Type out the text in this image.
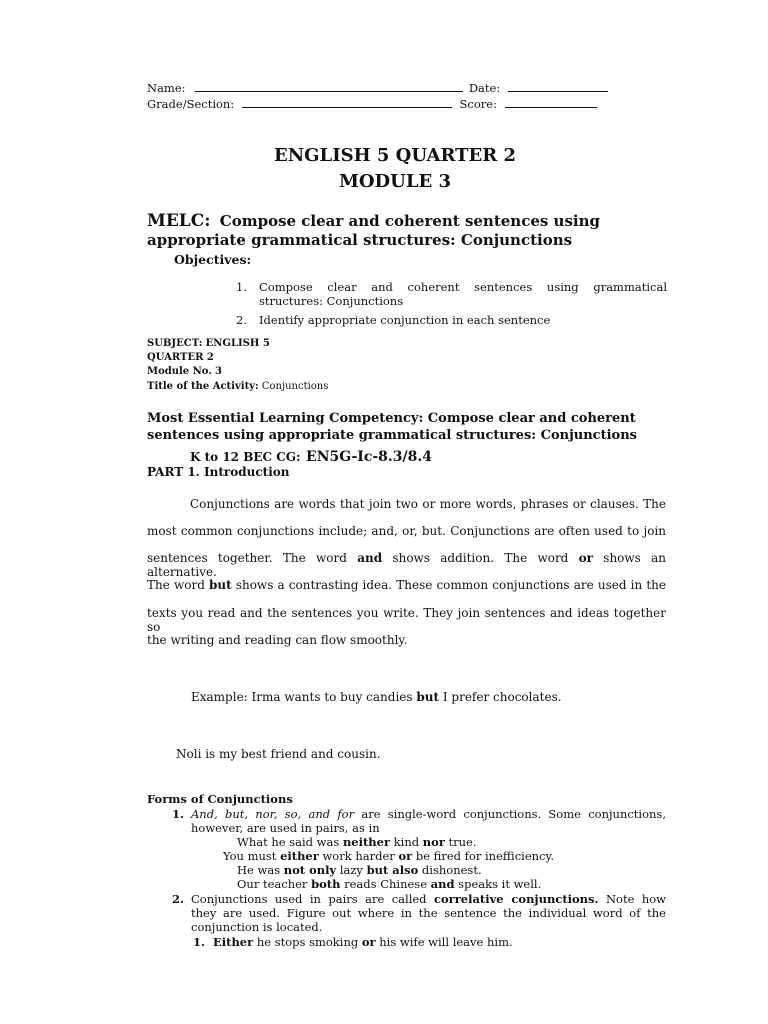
Name:	Date:
Grade/Section:	Score:
ENGLISH 5 QUARTER 2
MODULE 3
MELC: Compose clear and coherent sentences using
appropriate grammatical structures: Conjunctions
Objectives:
1. Compose clear and coherent sentences using grammatical
structures: Conjunctions
2. Identify appropriate conjunction in each sentence
SUBJECT: ENGLISH 5
QUARTER 2
Module No. 3
Title of the Activity: Conjunctions
Most Essential Learning Competency: Compose clear and coherent
sentences using appropriate grammatical structures: Conjunctions
K to 12 BEC CG: EN5G-Ic-8.3/8.4
PART 1. Introduction
Conjunctions are words that join two or more words, phrases or clauses. The
most common conjunctions include; and, or, but. Conjunctions are often used to join
sentences together. The word and shows addition. The word or shows an alternative.
The word but shows a contrasting idea. These common conjunctions are used in the
texts you read and the sentences you write. They join sentences and ideas together so
the writing and reading can flow smoothly.
Example: Irma wants to buy candies but I prefer chocolates.
Noli is my best friend and cousin.
Forms of Conjunctions
1. And, but, nor, so, and for are single-word conjunctions. Some conjunctions,
however, are used in pairs, as in
What he said was neither kind nor true.
You must either work harder or be fired for inefficiency.
He was not only lazy but also dishonest.
Our teacher both reads Chinese and speaks it well.
2. Conjunctions used in pairs are called correlative conjunctions. Note how
they are used. Figure out where in the sentence the individual word of the
conjunction is located.
1. Either he stops smoking or his wife will leave him.
